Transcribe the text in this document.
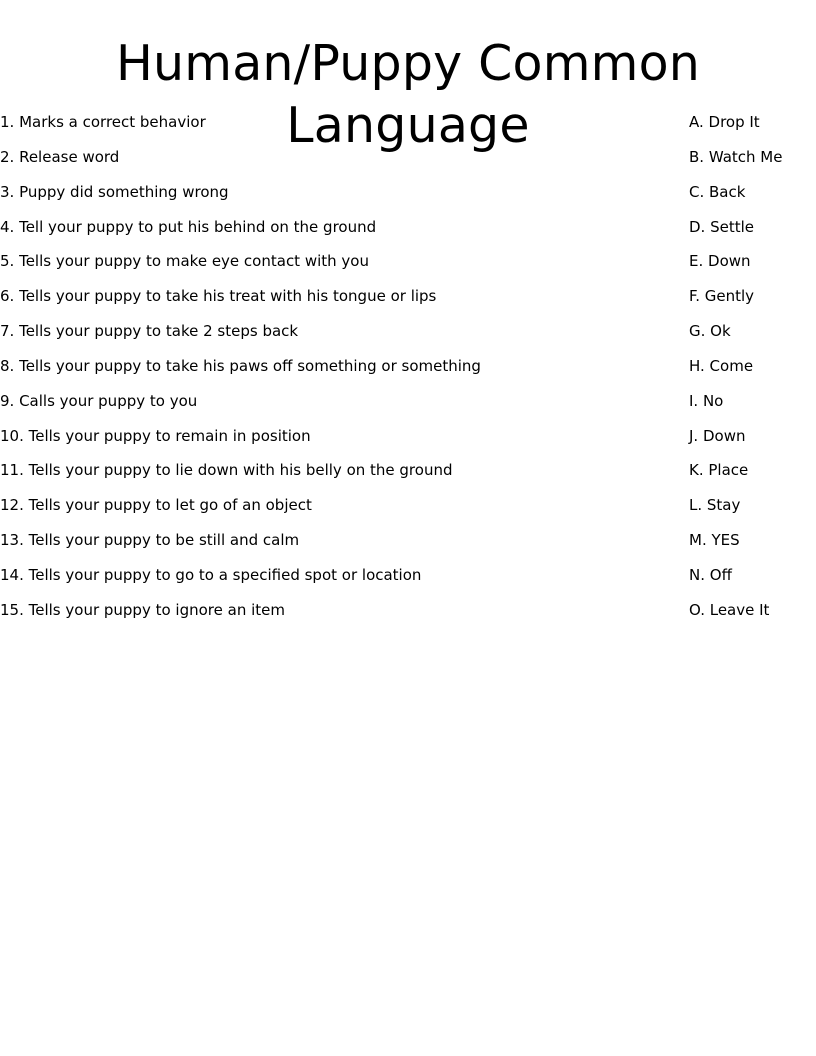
Human/Puppy Common Language
1. Marks a correct behavior
2. Release word
3. Puppy did something wrong
4. Tell your puppy to put his behind on the ground
5. Tells your puppy to make eye contact with you
6. Tells your puppy to take his treat with his tongue or lips
7. Tells your puppy to take 2 steps back
8. Tells your puppy to take his paws off something or something
9. Calls your puppy to you
10. Tells your puppy to remain in position
11. Tells your puppy to lie down with his belly on the ground
12. Tells your puppy to let go of an object
13. Tells your puppy to be still and calm
14. Tells your puppy to go to a specified spot or location
15. Tells your puppy to ignore an item
A. Drop It
B. Watch Me
C. Back
D. Settle
E. Down
F. Gently
G. Ok
H. Come
I. No
J. Down
K. Place
L. Stay
M. YES
N. Off
O. Leave It
